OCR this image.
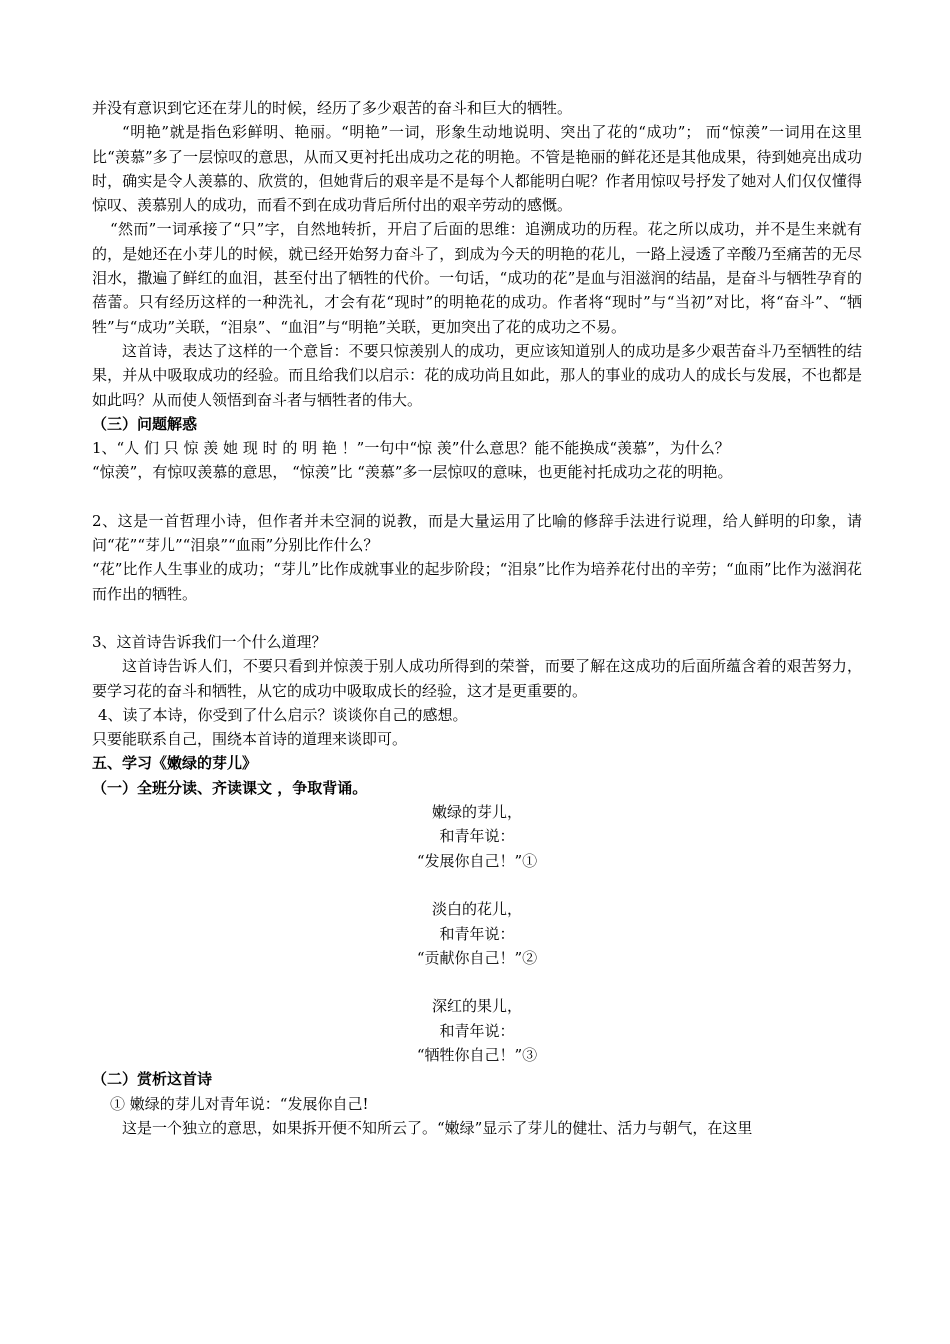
并没有意识到它还在芽儿的时候，经历了多少艰苦的奋斗和巨大的牺牲。

“明艳”就是指色彩鲜明、艳丽。“明艳”一词，形象生动地说明、突出了花的“成功”； 而“惊羡”一词用在这里比“羡慕”多了一层惊叹的意思，从而又更衬托出成功之花的明艳。不管是艳丽的鲜花还是其他成果，待到她亮出成功时，确实是令人羡慕的、欣赏的，但她背后的艰辛是不是每个人都能明白呢？作者用惊叹号抒发了她对人们仅仅懂得惊叹、羡慕别人的成功，而看不到在成功背后所付出的艰辛劳动的感慨。

“然而”一词承接了“只”字，自然地转折，开启了后面的思维：追溯成功的历程。花之所以成功，并不是生来就有的，是她还在小芽儿的时候，就已经开始努力奋斗了，到成为今天的明艳的花儿，一路上浸透了辛酸乃至痛苦的无尽泪水，撒遍了鲜红的血泪，甚至付出了牺牲的代价。一句话，“成功的花”是血与泪滋润的结晶，是奋斗与牺牲孕育的蓓蕾。只有经历这样的一种洗礼，才会有花“现时”的明艳花的成功。作者将“现时”与“当初”对比，将“奋斗”、“牺牲”与“成功”关联，“泪泉”、“血泪”与“明艳”关联，更加突出了花的成功之不易。

这首诗，表达了这样的一个意旨：不要只惊羡别人的成功，更应该知道别人的成功是多少艰苦奋斗乃至牺牲的结果，并从中吸取成功的经验。而且给我们以启示：花的成功尚且如此，那人的事业的成功人的成长与发展，不也都是如此吗？从而使人领悟到奋斗者与牺牲者的伟大。

（三）问题解惑

1、“人 们 只 惊 羡 她 现 时 的 明 艳 ！”一句中“惊 羡”什么意思？能不能换成“羡慕”，为什么？

“惊羡”，有惊叹羡慕的意思， “惊羡”比 “羡慕”多一层惊叹的意味，也更能衬托成功之花的明艳。

2、这是一首哲理小诗，但作者并未空洞的说教，而是大量运用了比喻的修辞手法进行说理，给人鲜明的印象，请问“花”“芽儿”“泪泉”“血雨”分别比作什么？

“花”比作人生事业的成功；“芽儿”比作成就事业的起步阶段；“泪泉”比作为培养花付出的辛劳；“血雨”比作为滋润花而作出的牺牲。

3、这首诗告诉我们一个什么道理？

这首诗告诉人们，不要只看到并惊羡于别人成功所得到的荣誉，而要了解在这成功的后面所蕴含着的艰苦努力，要学习花的奋斗和牺牲，从它的成功中吸取成长的经验，这才是更重要的。

4、读了本诗，你受到了什么启示？谈谈你自己的感想。

只要能联系自己，围绕本首诗的道理来谈即可。

五、学习《嫩绿的芽儿》

（一）全班分读、齐读课文 ，争取背诵。

嫩绿的芽儿，

和青年说：

“发展你自己！”①

淡白的花儿，

和青年说：

“贡献你自己！”②

深红的果儿，

和青年说：

“牺牲你自己！”③

（二）赏析这首诗

① 嫩绿的芽儿对青年说：“发展你自己!

这是一个独立的意思，如果拆开便不知所云了。“嫩绿”显示了芽儿的健壮、活力与朝气，在这里
